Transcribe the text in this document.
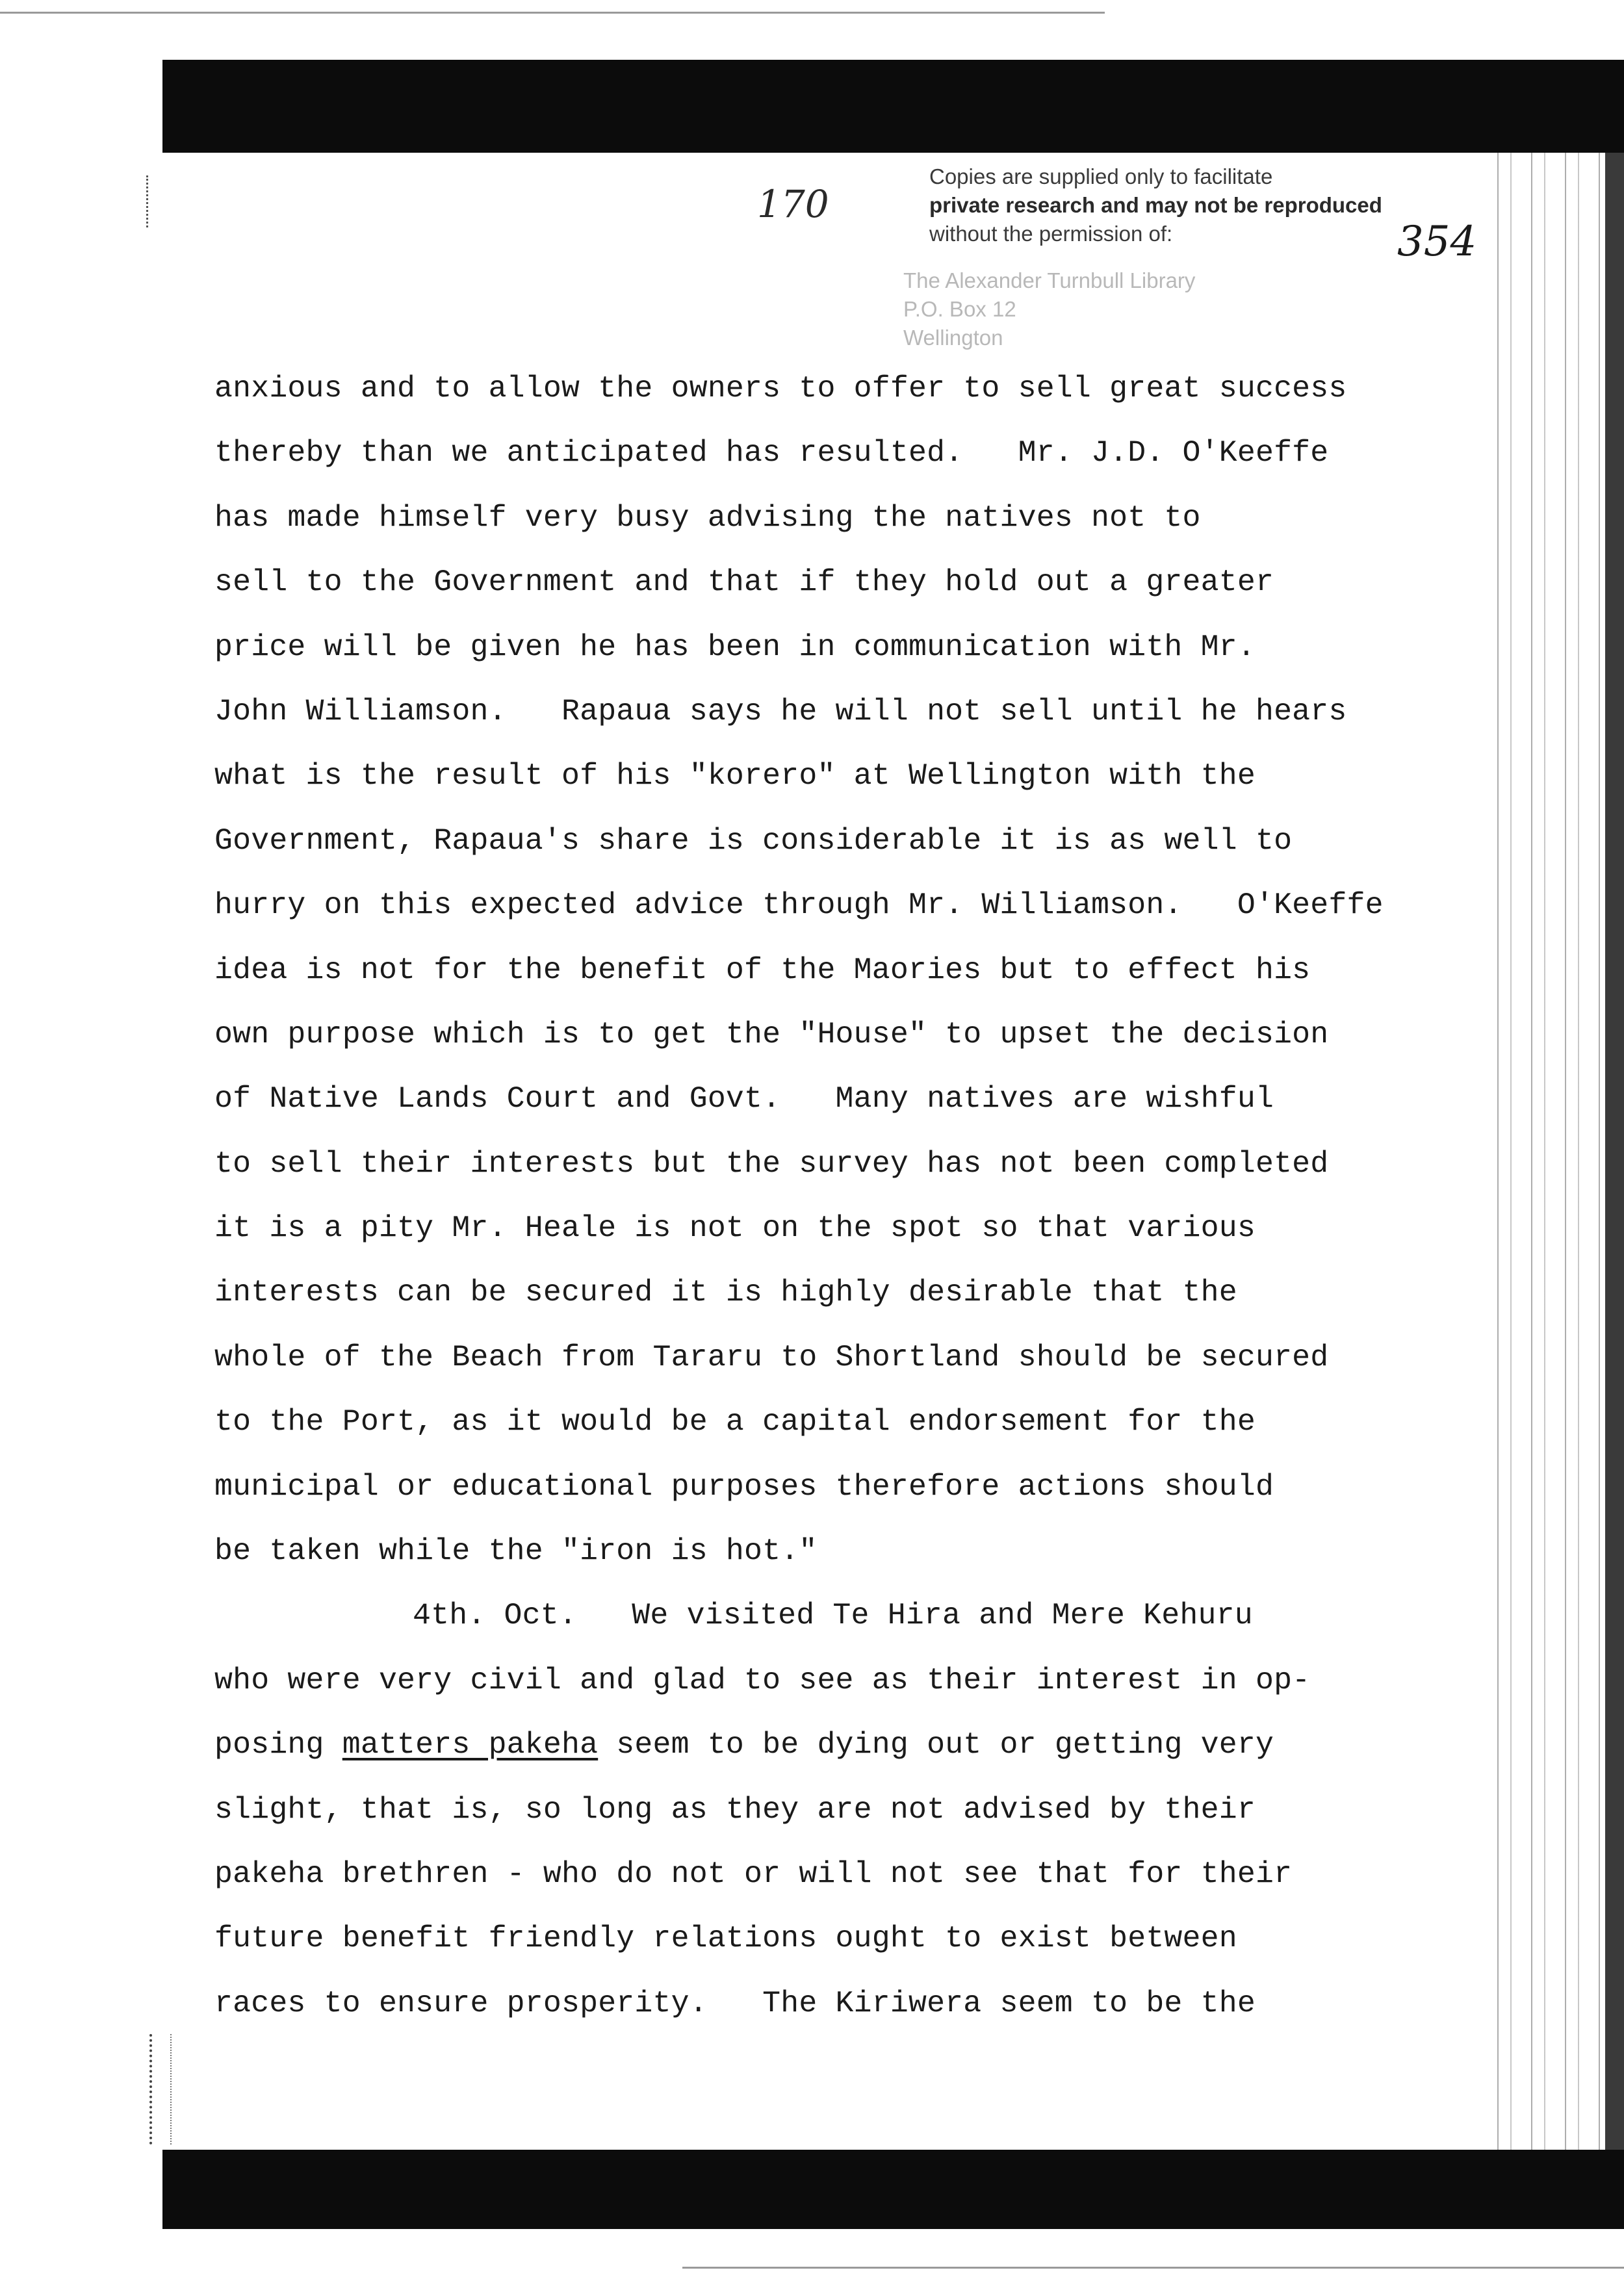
170
354
Copies are supplied only to facilitate
private research and may not be reproduced
without the permission of:
The Alexander Turnbull Library
P.O. Box 12
Wellington
anxious and to allow the owners to offer to sell great success
thereby than we anticipated has resulted.   Mr. J.D. O'Keeffe
has made himself very busy advising the natives not to
sell to the Government and that if they hold out a greater
price will be given he has been in communication with Mr.
John Williamson.   Rapaua says he will not sell until he hears
what is the result of his "korero" at Wellington with the
Government, Rapaua's share is considerable it is as well to
hurry on this expected advice through Mr. Williamson.   O'Keeffe
idea is not for the benefit of the Maories but to effect his
own purpose which is to get the "House" to upset the decision
of Native Lands Court and Govt.   Many natives are wishful
to sell their interests but the survey has not been completed
it is a pity Mr. Heale is not on the spot so that various
interests can be secured it is highly desirable that the
whole of the Beach from Tararu to Shortland should be secured
to the Port, as it would be a capital endorsement for the
municipal or educational purposes therefore actions should
be taken while the "iron is hot."
4th. Oct.   We visited Te Hira and Mere Kehuru
who were very civil and glad to see as their interest in op-
posing matters pakeha seem to be dying out or getting very
slight, that is, so long as they are not advised by their
pakeha brethren - who do not or will not see that for their
future benefit friendly relations ought to exist between
races to ensure prosperity.   The Kiriwera seem to be the
